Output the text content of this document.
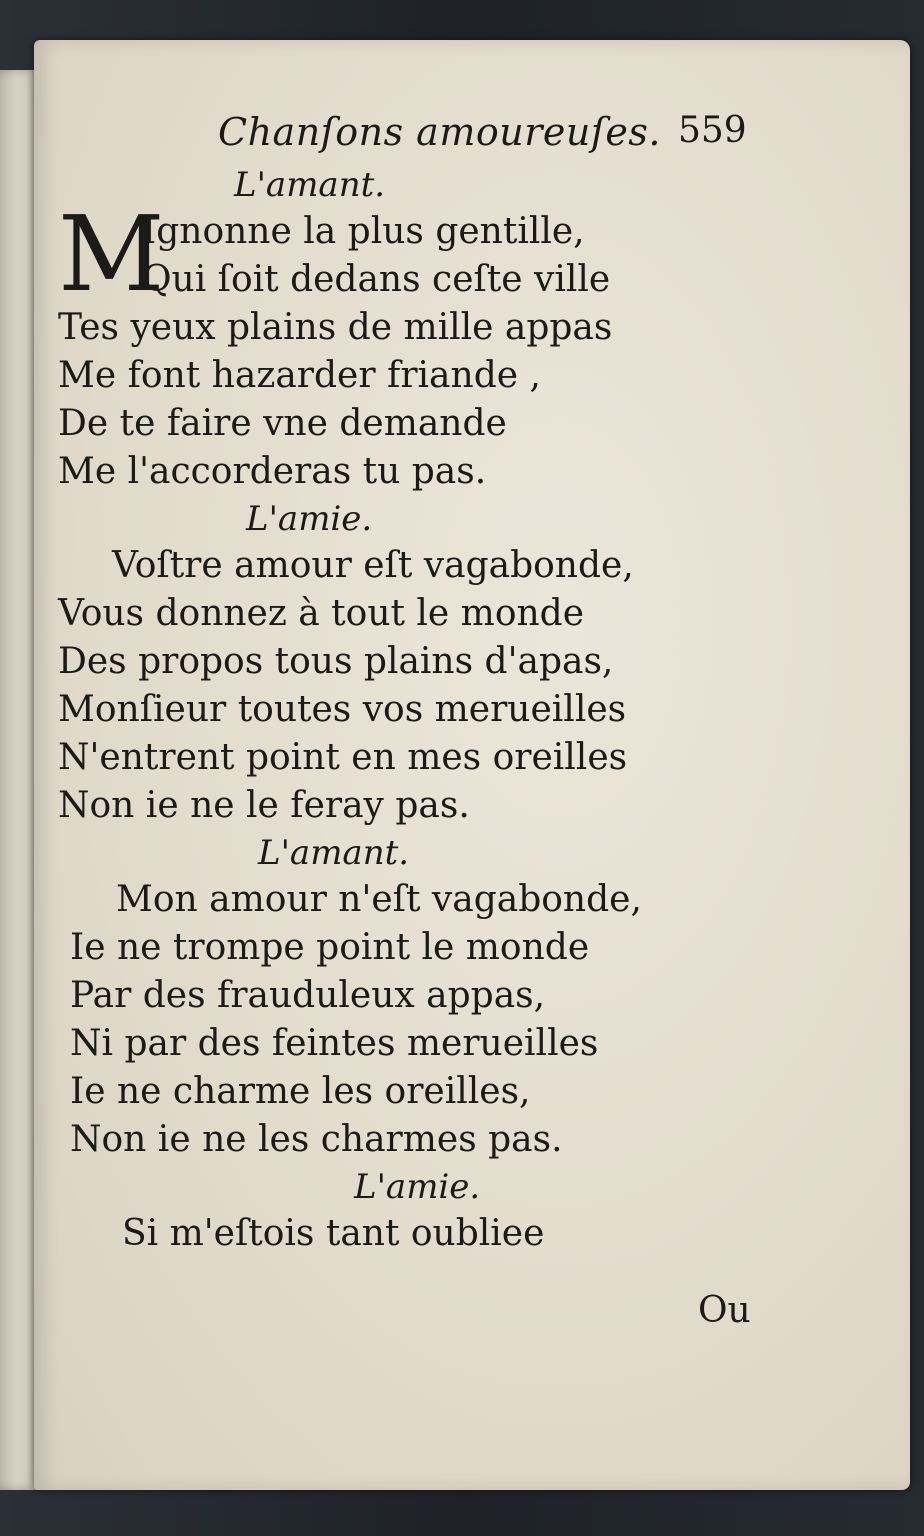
Chanſons amoureuſes. 559
L'amant.
M
Ignonne la plus gentille,
Qui ſoit dedans ceſte ville
Tes yeux plains de mille appas
Me font hazarder friande ,
De te faire vne demande
Me l'accorderas tu pas.
L'amie.
Voſtre amour eſt vagabonde,
Vous donnez à tout le monde
Des propos tous plains d'apas,
Monſieur toutes vos merueilles
N'entrent point en mes oreilles
Non ie ne le feray pas.
L'amant.
Mon amour n'eſt vagabonde,
Ie ne trompe point le monde
Par des frauduleux appas,
Ni par des feintes merueilles
Ie ne charme les oreilles,
Non ie ne les charmes pas.
L'amie.
Si m'eſtois tant oubliee
Ou
